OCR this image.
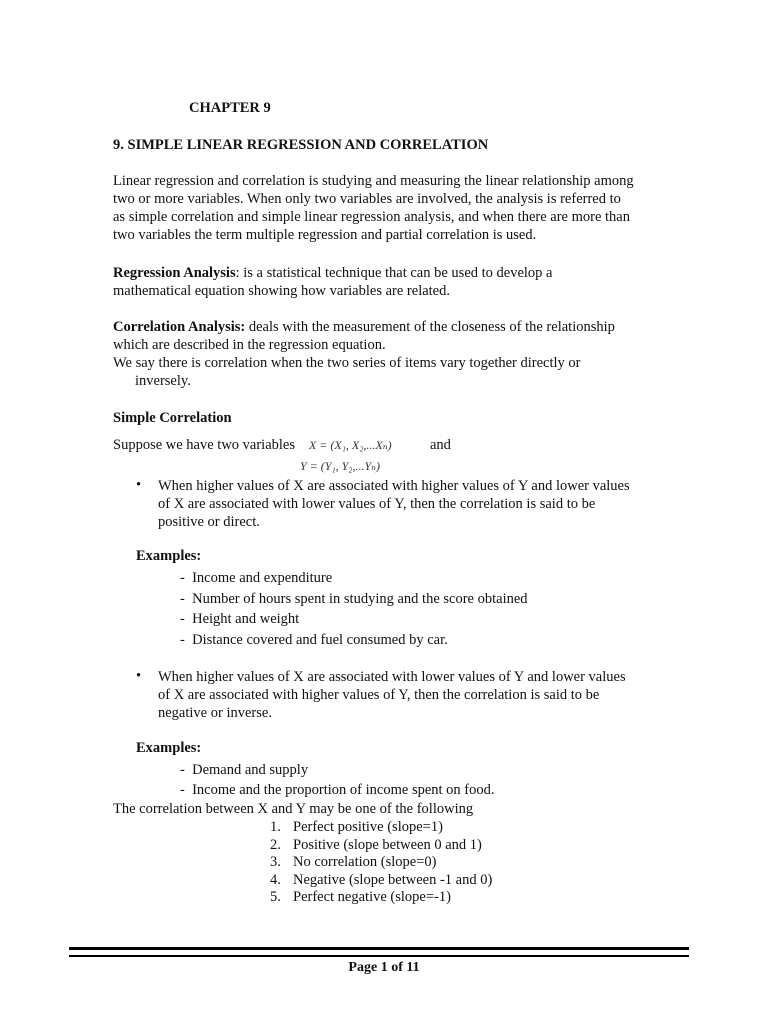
CHAPTER 9
9. SIMPLE LINEAR REGRESSION AND CORRELATION
Linear regression and correlation is studying and measuring the linear relationship among
two or more variables. When only two variables are involved, the analysis is referred to
as simple correlation and simple linear regression analysis, and when there are more than
two variables the term multiple regression and partial correlation is used.
Regression Analysis: is a statistical technique that can be used to develop a
mathematical equation showing how variables are related.
Correlation Analysis: deals with the measurement of the closeness of the relationship
which are described in the regression equation.
We say there is correlation when the two series of items vary together directly or
inversely.
Simple Correlation
Suppose we have two variables X = (X₁, X₂,...Xₙ)	and
Y = (Y₁, Y₂,...Yₙ)
• When higher values of X are associated with higher values of Y and lower values
of X are associated with lower values of Y, then the correlation is said to be
positive or direct.
Examples:
-  Income and expenditure
-  Number of hours spent in studying and the score obtained
-  Height and weight
-  Distance covered and fuel consumed by car.
• When higher values of X are associated with lower values of Y and lower values
of X are associated with higher values of Y, then the correlation is said to be
negative or inverse.
Examples:
-  Demand and supply
-  Income and the proportion of income spent on food.
The correlation between X and Y may be one of the following
1. Perfect positive (slope=1)
2. Positive (slope between 0 and 1)
3. No correlation (slope=0)
4. Negative (slope between -1 and 0)
5. Perfect negative (slope=-1)
Page 1 of 11
